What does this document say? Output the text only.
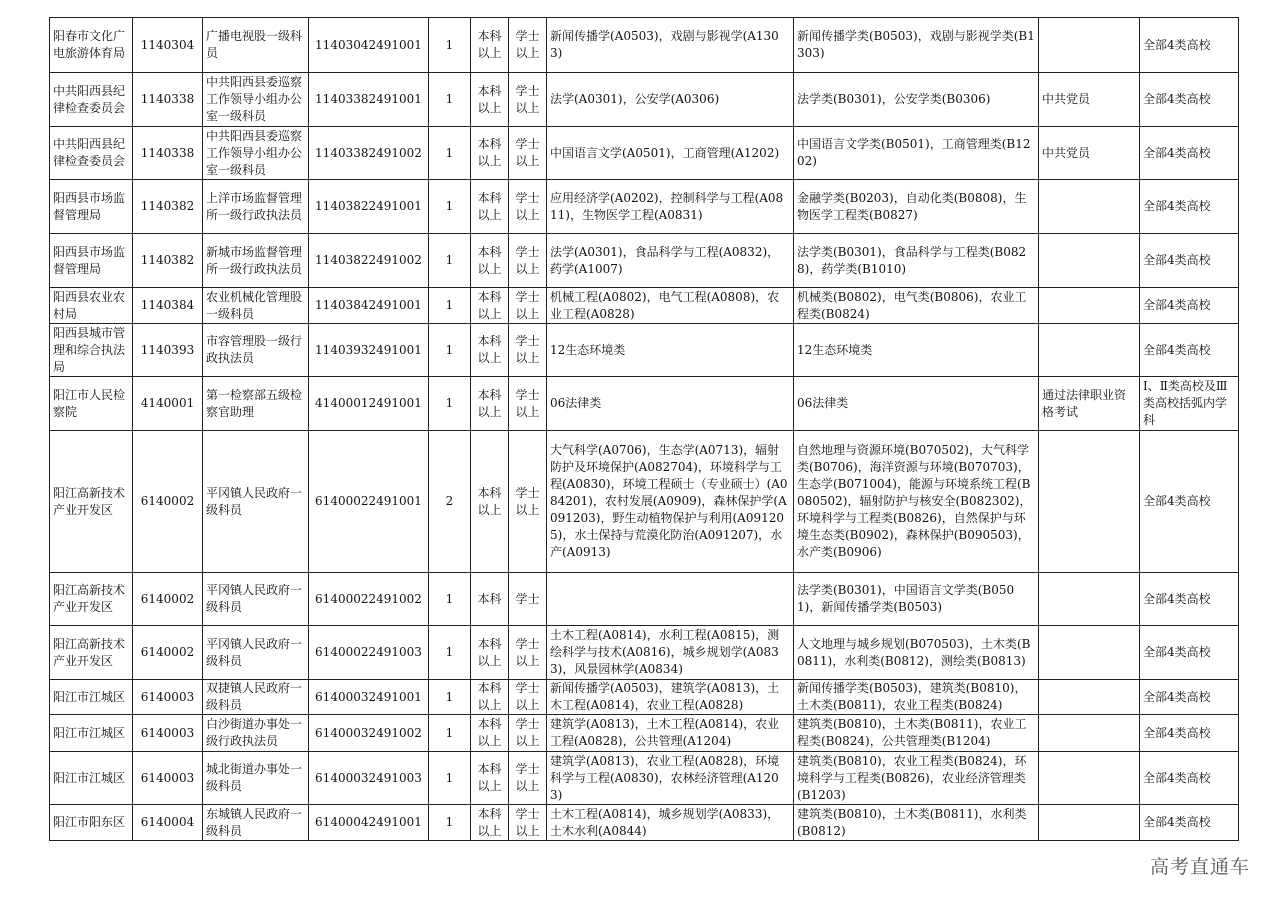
阳春市文化广电旅游体育局	1140304	广播电视股一级科员	11403042491001	1	本科以上	学士以上	新闻传播学(A0503)，戏剧与影视学(A1303)	新闻传播学类(B0503)，戏剧与影视学类(B1303)		全部4类高校
中共阳西县纪律检查委员会	1140338	中共阳西县委巡察工作领导小组办公室一级科员	11403382491001	1	本科以上	学士以上	法学(A0301)，公安学(A0306)	法学类(B0301)，公安学类(B0306)	中共党员	全部4类高校
中共阳西县纪律检查委员会	1140338	中共阳西县委巡察工作领导小组办公室一级科员	11403382491002	1	本科以上	学士以上	中国语言文学(A0501)，工商管理(A1202)	中国语言文学类(B0501)，工商管理类(B1202)	中共党员	全部4类高校
阳西县市场监督管理局	1140382	上洋市场监督管理所一级行政执法员	11403822491001	1	本科以上	学士以上	应用经济学(A0202)，控制科学与工程(A0811)，生物医学工程(A0831)	金融学类(B0203)，自动化类(B0808)，生物医学工程类(B0827)		全部4类高校
阳西县市场监督管理局	1140382	新城市场监督管理所一级行政执法员	11403822491002	1	本科以上	学士以上	法学(A0301)，食品科学与工程(A0832)，药学(A1007)	法学类(B0301)，食品科学与工程类(B0828)，药学类(B1010)		全部4类高校
阳西县农业农村局	1140384	农业机械化管理股一级科员	11403842491001	1	本科以上	学士以上	机械工程(A0802)，电气工程(A0808)，农业工程(A0828)	机械类(B0802)，电气类(B0806)，农业工程类(B0824)		全部4类高校
阳西县城市管理和综合执法局	1140393	市容管理股一级行政执法员	11403932491001	1	本科以上	学士以上	12生态环境类	12生态环境类		全部4类高校
阳江市人民检察院	4140001	第一检察部五级检察官助理	41400012491001	1	本科以上	学士以上	06法律类	06法律类	通过法律职业资格考试	Ⅰ、Ⅱ类高校及Ⅲ类高校括弧内学科
阳江高新技术产业开发区	6140002	平冈镇人民政府一级科员	61400022491001	2	本科以上	学士以上	大气科学(A0706)，生态学(A0713)，辐射防护及环境保护(A082704)，环境科学与工程(A0830)，环境工程硕士（专业硕士）(A084201)，农村发展(A0909)，森林保护学(A091203)，野生动植物保护与利用(A091205)，水土保持与荒漠化防治(A091207)，水产(A0913)	自然地理与资源环境(B070502)，大气科学类(B0706)，海洋资源与环境(B070703)，生态学(B071004)，能源与环境系统工程(B080502)，辐射防护与核安全(B082302)，环境科学与工程类(B0826)，自然保护与环境生态类(B0902)，森林保护(B090503)，水产类(B0906)		全部4类高校
阳江高新技术产业开发区	6140002	平冈镇人民政府一级科员	61400022491002	1	本科	学士		法学类(B0301)，中国语言文学类(B0501)，新闻传播学类(B0503)		全部4类高校
阳江高新技术产业开发区	6140002	平冈镇人民政府一级科员	61400022491003	1	本科以上	学士以上	土木工程(A0814)，水利工程(A0815)，测绘科学与技术(A0816)，城乡规划学(A0833)，风景园林学(A0834)	人文地理与城乡规划(B070503)，土木类(B0811)，水利类(B0812)，测绘类(B0813)		全部4类高校
阳江市江城区	6140003	双捷镇人民政府一级科员	61400032491001	1	本科以上	学士以上	新闻传播学(A0503)，建筑学(A0813)，土木工程(A0814)，农业工程(A0828)	新闻传播学类(B0503)，建筑类(B0810)，土木类(B0811)，农业工程类(B0824)		全部4类高校
阳江市江城区	6140003	白沙街道办事处一级行政执法员	61400032491002	1	本科以上	学士以上	建筑学(A0813)，土木工程(A0814)，农业工程(A0828)，公共管理(A1204)	建筑类(B0810)，土木类(B0811)，农业工程类(B0824)，公共管理类(B1204)		全部4类高校
阳江市江城区	6140003	城北街道办事处一级科员	61400032491003	1	本科以上	学士以上	建筑学(A0813)，农业工程(A0828)，环境科学与工程(A0830)，农林经济管理(A1203)	建筑类(B0810)，农业工程类(B0824)，环境科学与工程类(B0826)，农业经济管理类(B1203)		全部4类高校
阳江市阳东区	6140004	东城镇人民政府一级科员	61400042491001	1	本科以上	学士以上	土木工程(A0814)，城乡规划学(A0833)，土木水利(A0844)	建筑类(B0810)，土木类(B0811)，水利类(B0812)		全部4类高校
高考直通车
